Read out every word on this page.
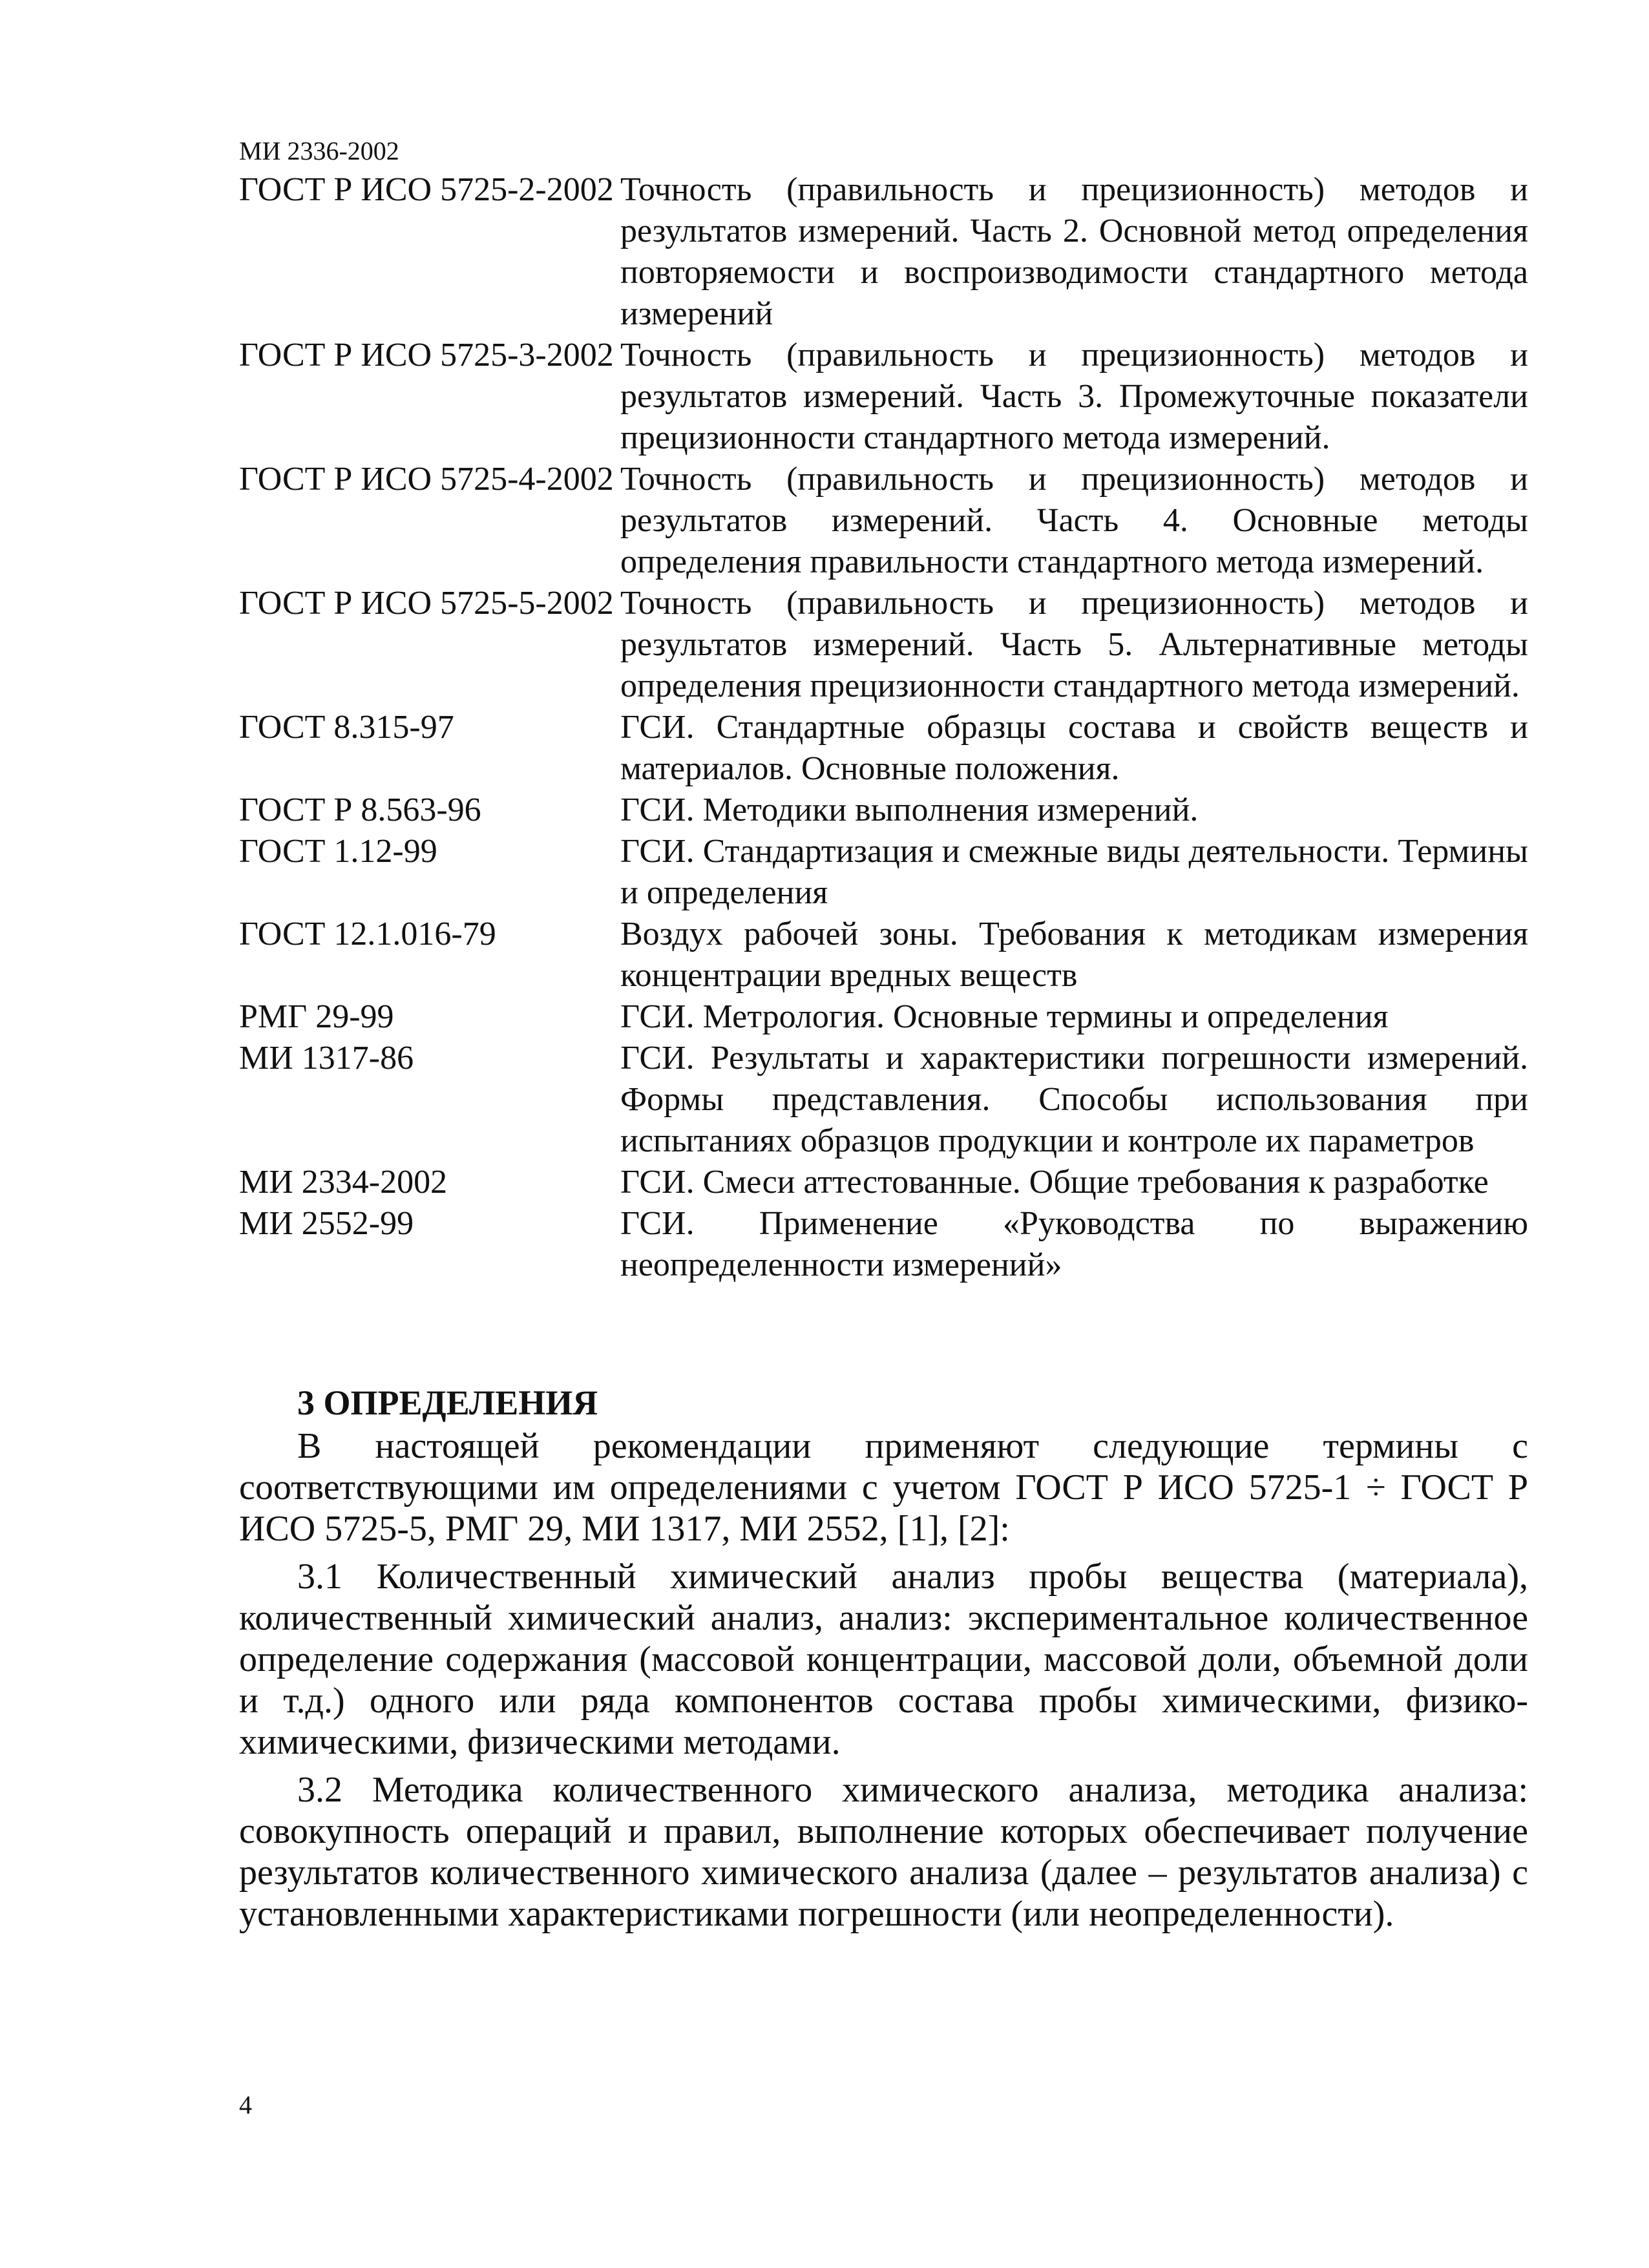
МИ 2336-2002
ГОСТ Р ИСО 5725-2-2002 Точность (правильность и прецизионность) методов и результатов измерений. Часть 2. Основной метод определения повторяемости и воспроизводимости стандартного метода измерений
ГОСТ Р ИСО 5725-3-2002 Точность (правильность и прецизионность) методов и результатов измерений. Часть 3. Промежуточные показатели прецизионности стандартного метода измерений.
ГОСТ Р ИСО 5725-4-2002 Точность (правильность и прецизионность) методов и результатов измерений. Часть 4. Основные методы определения правильности стандартного метода измерений.
ГОСТ Р ИСО 5725-5-2002 Точность (правильность и прецизионность) методов и результатов измерений. Часть 5. Альтернативные методы определения прецизионности стандартного метода измерений.
ГОСТ 8.315-97	ГСИ. Стандартные образцы состава и свойств веществ и материалов. Основные положения.
ГОСТ Р 8.563-96	ГСИ. Методики выполнения измерений.
ГОСТ 1.12-99	ГСИ. Стандартизация и смежные виды деятельности. Термины и определения
ГОСТ 12.1.016-79	Воздух рабочей зоны. Требования к методикам измерения концентрации вредных веществ
РМГ 29-99	ГСИ. Метрология. Основные термины и определения
МИ 1317-86	ГСИ. Результаты и характеристики погрешности измерений. Формы представления. Способы использования при испытаниях образцов продукции и контроле их параметров
МИ 2334-2002	ГСИ. Смеси аттестованные. Общие требования к разработке
МИ 2552-99	ГСИ. Применение «Руководства по выражению неопределенности измерений»
3 ОПРЕДЕЛЕНИЯ

В настоящей рекомендации применяют следующие термины с соответствующими им определениями с учетом ГОСТ Р ИСО 5725-1 ÷ ГОСТ Р ИСО 5725-5, РМГ 29, МИ 1317, МИ 2552, [1], [2]:

3.1 Количественный химический анализ пробы вещества (материала), количественный химический анализ, анализ: экспериментальное количественное определение содержания (массовой концентрации, массовой доли, объемной доли и т.д.) одного или ряда компонентов состава пробы химическими, физико-химическими, физическими методами.

3.2 Методика количественного химического анализа, методика анализа: совокупность операций и правил, выполнение которых обеспечивает получение результатов количественного химического анализа (далее – результатов анализа) с установленными характеристиками погрешности (или неопределенности).

4
